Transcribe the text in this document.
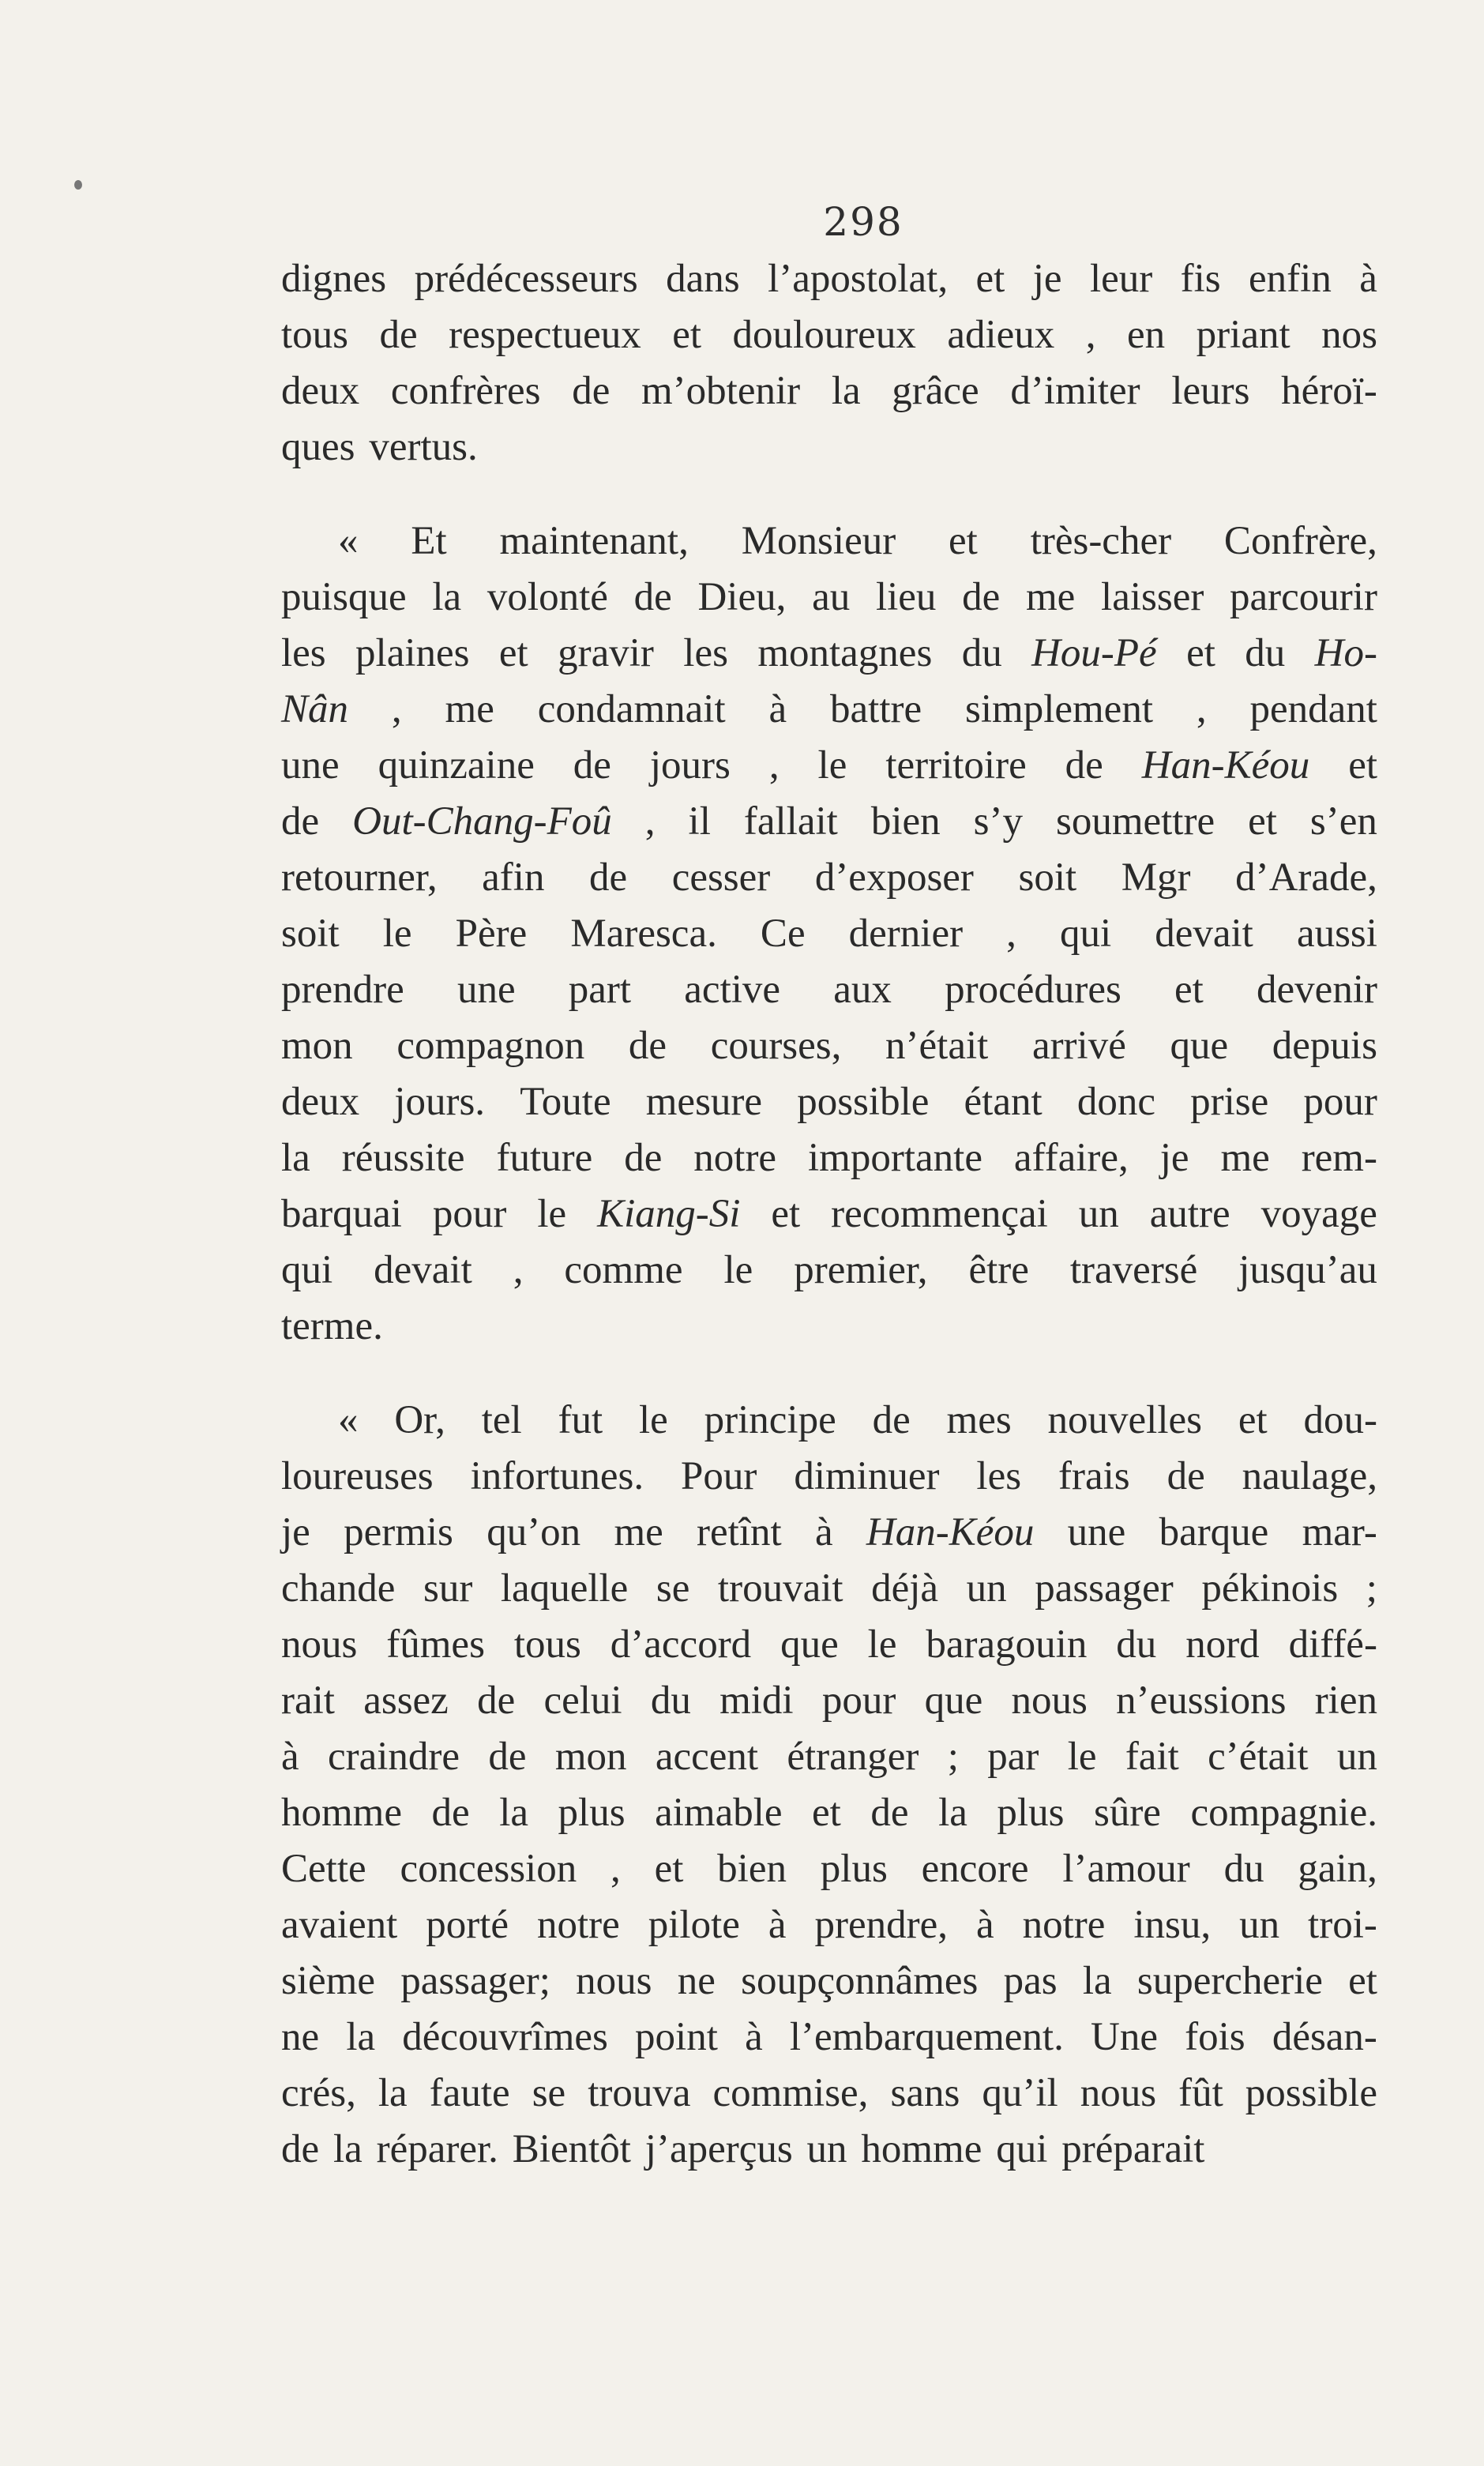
298
dignes prédécesseurs dans l’apostolat, et je leur fis enfin à
tous de respectueux et douloureux adieux , en priant nos
deux confrères de m’obtenir la grâce d’imiter leurs héroï-
ques vertus.
« Et maintenant, Monsieur et très-cher Confrère,
puisque la volonté de Dieu, au lieu de me laisser parcourir
les plaines et gravir les montagnes du Hou-Pé et du Ho-
Nân , me condamnait à battre simplement , pendant
une quinzaine de jours , le territoire de Han-Kéou et
de Out-Chang-Foû , il fallait bien s’y soumettre et s’en
retourner, afin de cesser d’exposer soit Mgr d’Arade,
soit le Père Maresca. Ce dernier , qui devait aussi
prendre une part active aux procédures et devenir
mon compagnon de courses, n’était arrivé que depuis
deux jours. Toute mesure possible étant donc prise pour
la réussite future de notre importante affaire, je me rem-
barquai pour le Kiang-Si et recommençai un autre voyage
qui devait , comme le premier, être traversé jusqu’au
terme.
« Or, tel fut le principe de mes nouvelles et dou-
loureuses infortunes. Pour diminuer les frais de naulage,
je permis qu’on me retînt à Han-Kéou une barque mar-
chande sur laquelle se trouvait déjà un passager pékinois ;
nous fûmes tous d’accord que le baragouin du nord diffé-
rait assez de celui du midi pour que nous n’eussions rien
à craindre de mon accent étranger ; par le fait c’était un
homme de la plus aimable et de la plus sûre compagnie.
Cette concession , et bien plus encore l’amour du gain,
avaient porté notre pilote à prendre, à notre insu, un troi-
sième passager; nous ne soupçonnâmes pas la supercherie et
ne la découvrîmes point à l’embarquement. Une fois désan-
crés, la faute se trouva commise, sans qu’il nous fût possible
de la réparer. Bientôt j’aperçus un homme qui préparait
